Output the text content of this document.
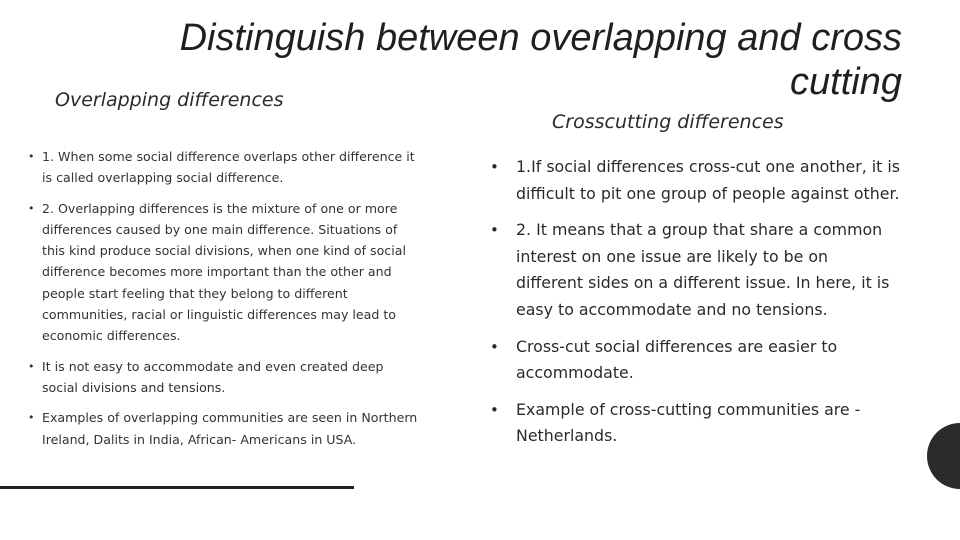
Distinguish between overlapping and cross cutting
Overlapping differences
Crosscutting differences
• 1. When some social difference overlaps other difference it is called overlapping social difference.
• 2. Overlapping differences is the mixture of one or more differences caused by one main difference. Situations of this kind produce social divisions, when one kind of social difference becomes more important than the other and people start feeling that they belong to different communities, racial or linguistic differences may lead to economic differences.
• It is not easy to accommodate and even created deep social divisions and tensions.
• Examples of overlapping communities are seen in Northern Ireland, Dalits in India, African- Americans in USA.
• 1.If social differences cross-cut one another, it is difficult to pit one group of people against other.
• 2. It means that a group that share a common interest on one issue are likely to be on different sides on a different issue. In here, it is easy to accommodate and no tensions.
• Cross-cut social differences are easier to accommodate.
• Example of cross-cutting communities are - Netherlands.
